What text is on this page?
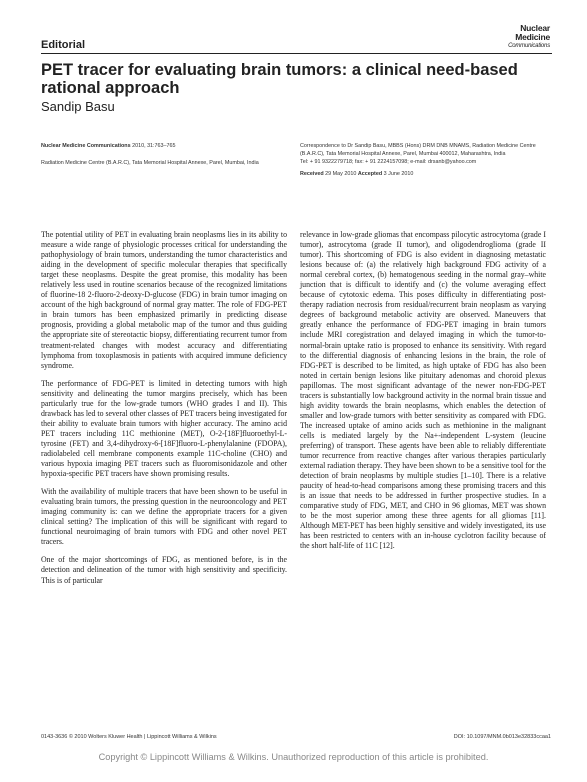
Editorial
Nuclear
Medicine
Communications
PET tracer for evaluating brain tumors: a clinical need-based rational approach
Sandip Basu
Nuclear Medicine Communications 2010, 31:763–765
Radiation Medicine Centre (B.A.R.C), Tata Memorial Hospital Annexe, Parel, Mumbai, India
Correspondence to Dr Sandip Basu, MBBS (Hons) DRM DNB MNAMS, Radiation Medicine Centre (B.A.R.C), Tata Memorial Hospital Annexe, Parel, Mumbai 400012, Maharashtra, India
Tel: + 91 9322279718; fax: + 91 2224157098; e-mail: drsanb@yahoo.com
Received 29 May 2010 Accepted 3 June 2010

The potential utility of PET in evaluating brain neoplasms lies in its ability to measure a wide range of physiologic processes critical for understanding the pathophysiology of brain tumors, understanding the tumor characteristics and aiding in the development of specific molecular therapies that specifically target these neoplasms. Despite the great promise, this modality has been relatively less used in routine scenarios because of the recognized limitations of fluorine-18 2-fluoro-2-deoxy-D-glucose (FDG) in brain tumor imaging on account of the high background of normal gray matter. The role of FDG-PET in brain tumors has been emphasized primarily in predicting disease prognosis, providing a global metabolic map of the tumor and thus guiding the appropriate site of stereotactic biopsy, differentiating recurrent tumor from treatment-related changes with modest accuracy and differentiating lymphoma from toxoplasmosis in patients with acquired immune deficiency syndrome.

The performance of FDG-PET is limited in detecting tumors with high sensitivity and delineating the tumor margins precisely, which has been particularly true for the low-grade tumors (WHO grades I and II). This drawback has led to several other classes of PET tracers being investigated for their ability to evaluate brain tumors with higher accuracy. The amino acid PET tracers including 11C methionine (MET), O-2-[18F]fluoroethyl-L-tyrosine (FET) and 3,4-dihydroxy-6-[18F]fluoro-L-phenylalanine (FDOPA), radiolabeled cell membrane components example 11C-choline (CHO) and various hypoxia imaging PET tracers such as fluoromisonidazole and other hypoxia-specific PET tracers have shown promising results.

With the availability of multiple tracers that have been shown to be useful in evaluating brain tumors, the pressing question in the neurooncology and PET imaging community is: can we define the appropriate tracers for a given clinical setting? The implication of this will be significant with regard to functional neuroimaging of brain tumors with FDG and other novel PET tracers.

One of the major shortcomings of FDG, as mentioned before, is in the detection and delineation of the tumor with high sensitivity and specificity. This is of particular

relevance in low-grade gliomas that encompass pilocytic astrocytoma (grade I tumor), astrocytoma (grade II tumor), and oligodendroglioma (grade II tumor). This shortcoming of FDG is also evident in diagnosing metastatic lesions because of: (a) the relatively high background FDG activity of a normal cerebral cortex, (b) hematogenous seeding in the normal gray–white junction that is difficult to identify and (c) the volume averaging effect because of cytotoxic edema. This poses difficulty in differentiating post-therapy radiation necrosis from residual/recurrent brain neoplasm as varying degrees of background metabolic activity are observed. Maneuvers that greatly enhance the performance of FDG-PET imaging in brain tumors include MRI coregistration and delayed imaging in which the tumor-to-normal-brain uptake ratio is proposed to enhance its sensitivity. With regard to the differential diagnosis of enhancing lesions in the brain, the role of FDG-PET is described to be limited, as high uptake of FDG has also been noted in certain benign lesions like pituitary adenomas and choroid plexus papillomas. The most significant advantage of the newer non-FDG-PET tracers is substantially low background activity in the normal brain tissue and high avidity towards the brain neoplasms, which enables the detection of smaller and low-grade tumors with better sensitivity as compared with FDG. The increased uptake of amino acids such as methionine in the malignant cells is mediated largely by the Na+-independent L-system (leucine preferring) of transport. These agents have been able to reliably differentiate tumor recurrence from reactive changes after various therapies particularly external radiation therapy. They have been shown to be a sensitive tool for the detection of brain neoplasms by multiple studies [1–10]. There is a relative paucity of head-to-head comparisons among these promising tracers and this is an issue that needs to be addressed in further prospective studies. In a comparative study of FDG, MET, and CHO in 96 gliomas, MET was shown to be the most superior among these three agents for all gliomas [11]. Although MET-PET has been highly sensitive and widely investigated, its use has been restricted to centers with an in-house cyclotron facility because of the short half-life of 11C [12].

0143-3636 © 2010 Wolters Kluwer Health | Lippincott Williams & Wilkins	DOI: 10.1097/MNM.0b013e32833ccaa1
Copyright © Lippincott Williams & Wilkins. Unauthorized reproduction of this article is prohibited.
